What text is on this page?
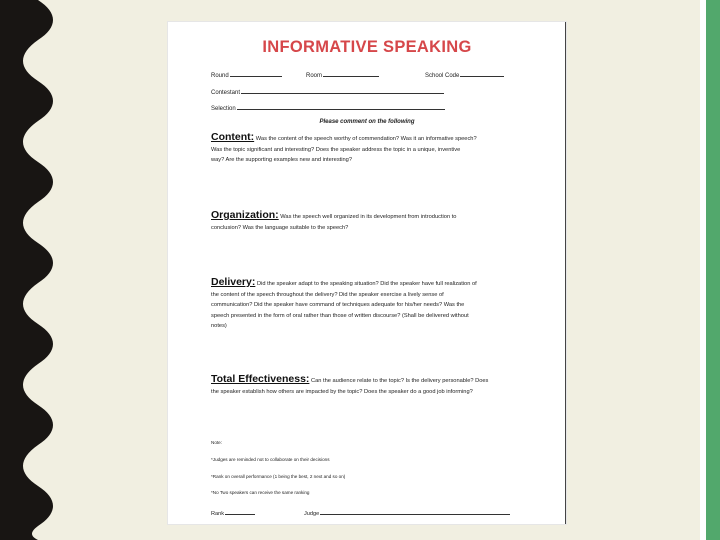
INFORMATIVE SPEAKING
Round	Room	School Code
Contestant
Selection
Please comment on the following
Content: Was the content of the speech worthy of commendation? Was it an informative speech?
Was the topic significant and interesting? Does the speaker address the topic in a unique, inventive
way? Are the supporting examples new and interesting?
Organization: Was the speech well organized in its development from introduction to
conclusion? Was the language suitable to the speech?
Delivery: Did the speaker adapt to the speaking situation? Did the speaker have full realization of
the content of the speech throughout the delivery? Did the speaker exercise a lively sense of
communication? Did the speaker have command of techniques adequate for his/her needs? Was the
speech presented in the form of oral rather than those of written discourse? (Shall be delivered without
notes)
Total Effectiveness: Can the audience relate to the topic? Is the delivery personable? Does
the speaker establish how others are impacted by the topic? Does the speaker do a good job informing?
Note:
*Judges are reminded not to collaborate on their decisions
*Rank on overall performance (1 being the best, 2 next and so on)
*No Two speakers can receive the same ranking
Rank	Judge
